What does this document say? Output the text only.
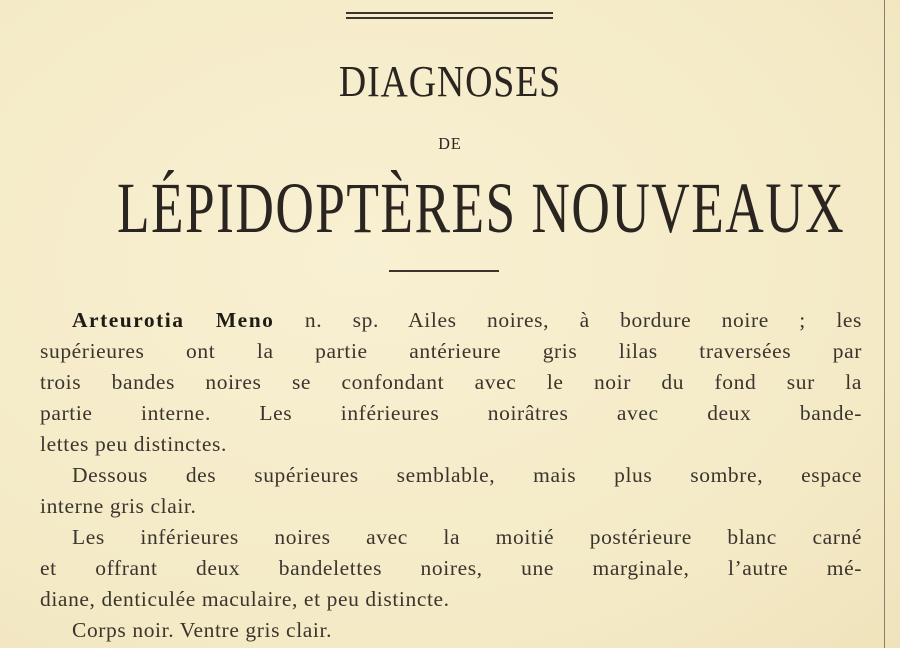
DIAGNOSES
DE
LÉPIDOPTÈRES NOUVEAUX
Arteurotia Meno n. sp. Ailes noires, à bordure noire ; les
supérieures ont la partie antérieure gris lilas traversées par
trois bandes noires se confondant avec le noir du fond sur la
partie interne. Les inférieures noirâtres avec deux bande-
lettes peu distinctes.
Dessous des supérieures semblable, mais plus sombre, espace
interne gris clair.
Les inférieures noires avec la moitié postérieure blanc carné
et offrant deux bandelettes noires, une marginale, l’autre mé-
diane, denticulée maculaire, et peu distincte.
Corps noir. Ventre gris clair.
